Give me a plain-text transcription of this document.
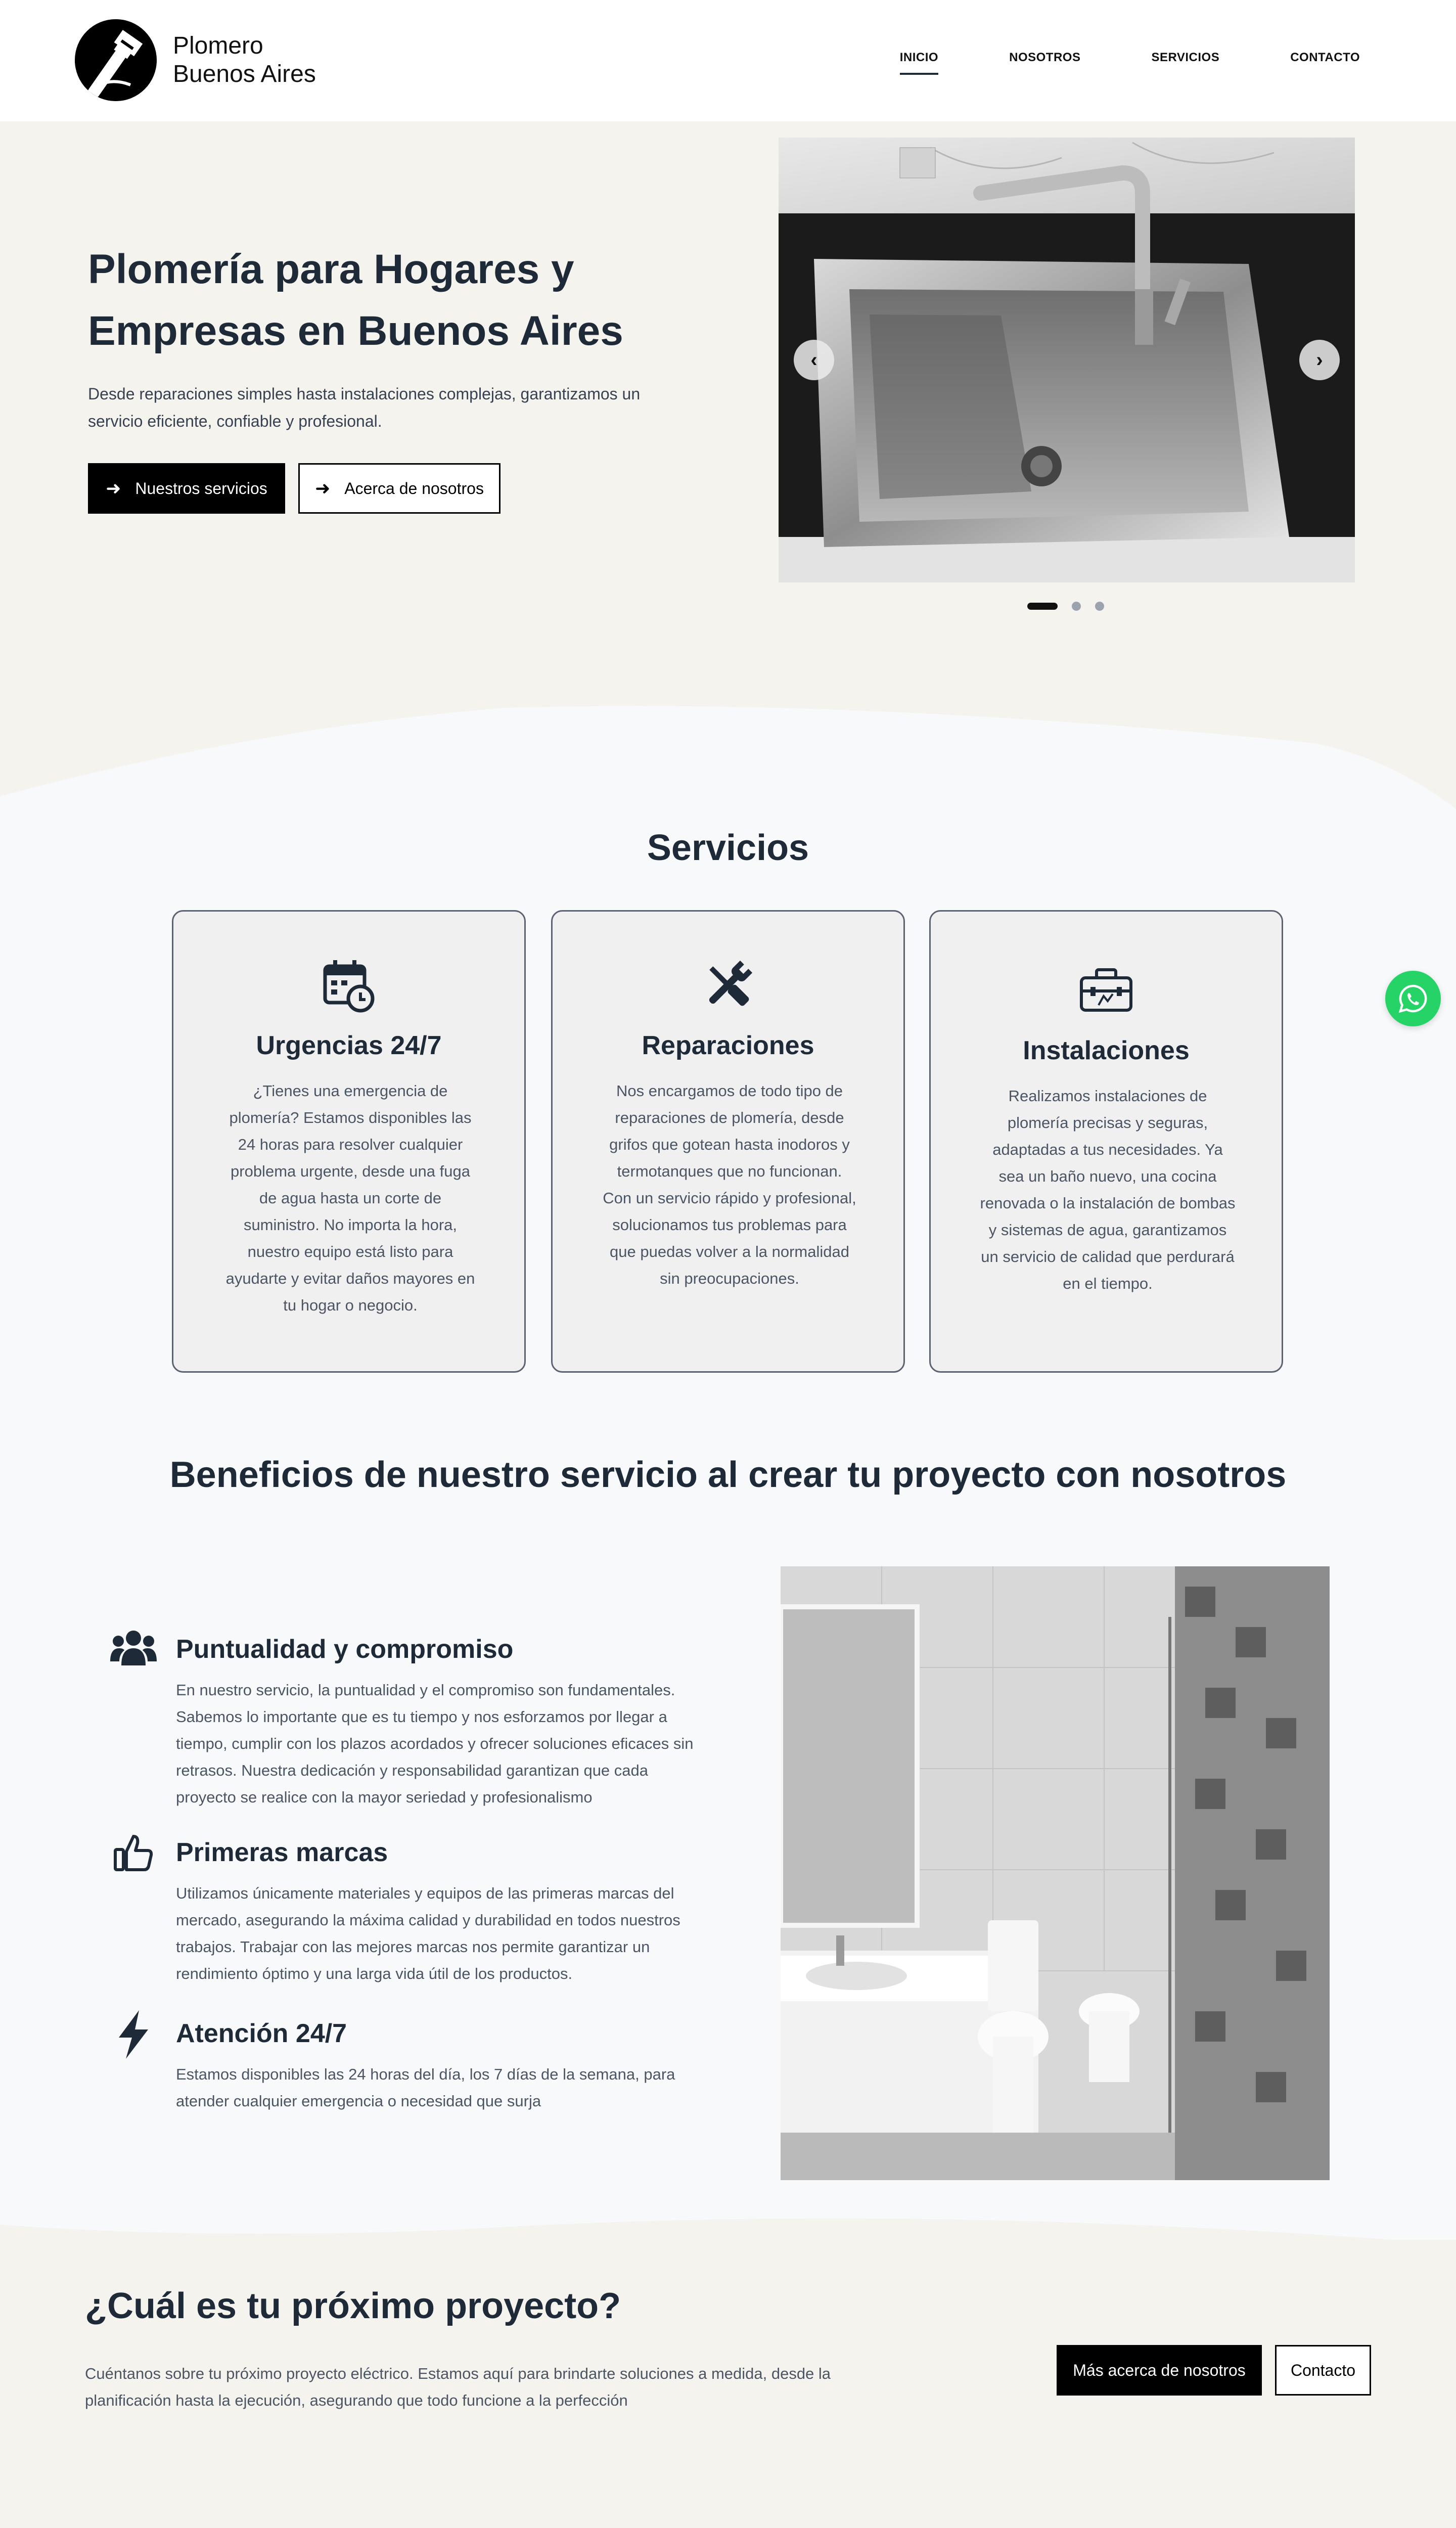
Plomero
Buenos Aires
INICIO	NOSOTROS	SERVICIOS	CONTACTO
Plomería para Hogares y Empresas en Buenos Aires

Desde reparaciones simples hasta instalaciones complejas, garantizamos un servicio eficiente, confiable y profesional.

➜ Nuestros servicios	➜ Acerca de nosotros
‹	›
Servicios
Urgencias 24/7

¿Tienes una emergencia de plomería? Estamos disponibles las 24 horas para resolver cualquier problema urgente, desde una fuga de agua hasta un corte de suministro. No importa la hora, nuestro equipo está listo para ayudarte y evitar daños mayores en tu hogar o negocio.

Reparaciones

Nos encargamos de todo tipo de reparaciones de plomería, desde grifos que gotean hasta inodoros y termotanques que no funcionan. Con un servicio rápido y profesional, solucionamos tus problemas para que puedas volver a la normalidad sin preocupaciones.

Instalaciones

Realizamos instalaciones de plomería precisas y seguras, adaptadas a tus necesidades. Ya sea un baño nuevo, una cocina renovada o la instalación de bombas y sistemas de agua, garantizamos un servicio de calidad que perdurará en el tiempo.

Beneficios de nuestro servicio al crear tu proyecto con nosotros
Puntualidad y compromiso

En nuestro servicio, la puntualidad y el compromiso son fundamentales. Sabemos lo importante que es tu tiempo y nos esforzamos por llegar a tiempo, cumplir con los plazos acordados y ofrecer soluciones eficaces sin retrasos. Nuestra dedicación y responsabilidad garantizan que cada proyecto se realice con la mayor seriedad y profesionalismo

Primeras marcas

Utilizamos únicamente materiales y equipos de las primeras marcas del mercado, asegurando la máxima calidad y durabilidad en todos nuestros trabajos. Trabajar con las mejores marcas nos permite garantizar un rendimiento óptimo y una larga vida útil de los productos.

Atención 24/7

Estamos disponibles las 24 horas del día, los 7 días de la semana, para atender cualquier emergencia o necesidad que surja

¿Cuál es tu próximo proyecto?

Cuéntanos sobre tu próximo proyecto eléctrico. Estamos aquí para brindarte soluciones a medida, desde la planificación hasta la ejecución, asegurando que todo funcione a la perfección

Más acerca de nosotros	Contacto
